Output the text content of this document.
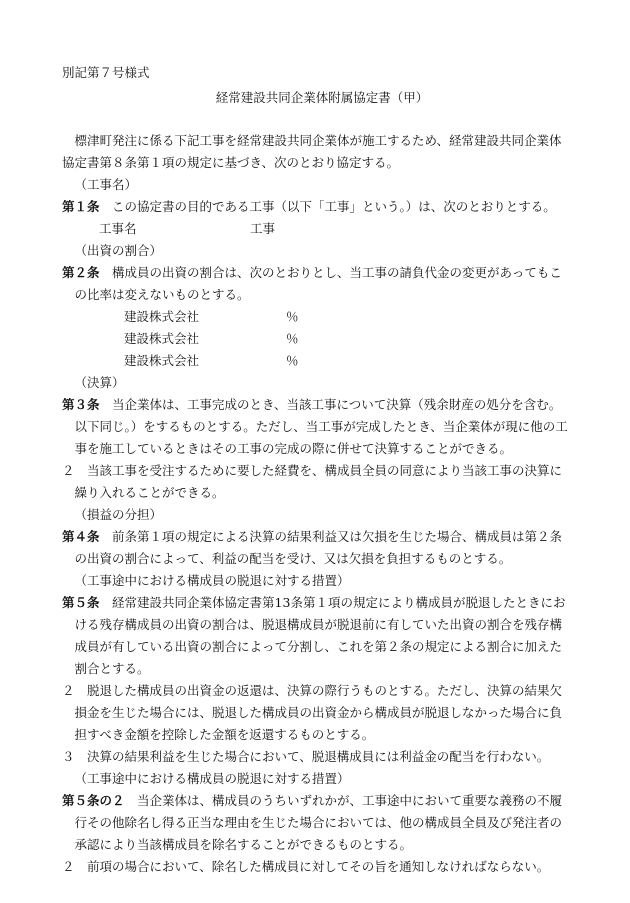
別記第７号様式
経常建設共同企業体附属協定書（甲）

標津町発注に係る下記工事を経常建設共同企業体が施工するため、経常建設共同企業体協定書第８条第１項の規定に基づき、次のとおり協定する。

（工事名）

第１条　 この協定書の目的である工事（以下「工事」という。）は、次のとおりとする。

工事名	工事

（出資の割合）

第２条　 構成員の出資の割合は、次のとおりとし、当工事の請負代金の変更があってもこの比率は変えないものとする。

建設株式会社	％
建設株式会社	％
建設株式会社	％

（決算）

第３条　 当企業体は、工事完成のとき、当該工事について決算（残余財産の処分を含む。以下同じ。）をするものとする。ただし、当工事が完成したとき、当企業体が現に他の工事を施工しているときはその工事の完成の際に併せて決算することができる。

２　 当該工事を受注するために要した経費を、構成員全員の同意により当該工事の決算に繰り入れることができる。

（損益の分担）

第４条　 前条第１項の規定による決算の結果利益又は欠損を生じた場合、構成員は第２条の出資の割合によって、利益の配当を受け、又は欠損を負担するものとする。

（工事途中における構成員の脱退に対する措置）

第５条　 経常建設共同企業体協定書第13条第１項の規定により構成員が脱退したときにおける残存構成員の出資の割合は、脱退構成員が脱退前に有していた出資の割合を残存構成員が有している出資の割合によって分割し、これを第２条の規定による割合に加えた割合とする。

２　 脱退した構成員の出資金の返還は、決算の際行うものとする。ただし、決算の結果欠損金を生じた場合には、脱退した構成員の出資金から構成員が脱退しなかった場合に負担すべき金額を控除した金額を返還するものとする。

３　 決算の結果利益を生じた場合において、脱退構成員には利益金の配当を行わない。

（工事途中における構成員の脱退に対する措置）

第５条の２　 当企業体は、構成員のうちいずれかが、工事途中において重要な義務の不履行その他除名し得る正当な理由を生じた場合においては、他の構成員全員及び発注者の承認により当該構成員を除名することができるものとする。

２　 前項の場合において、除名した構成員に対してその旨を通知しなければならない。
